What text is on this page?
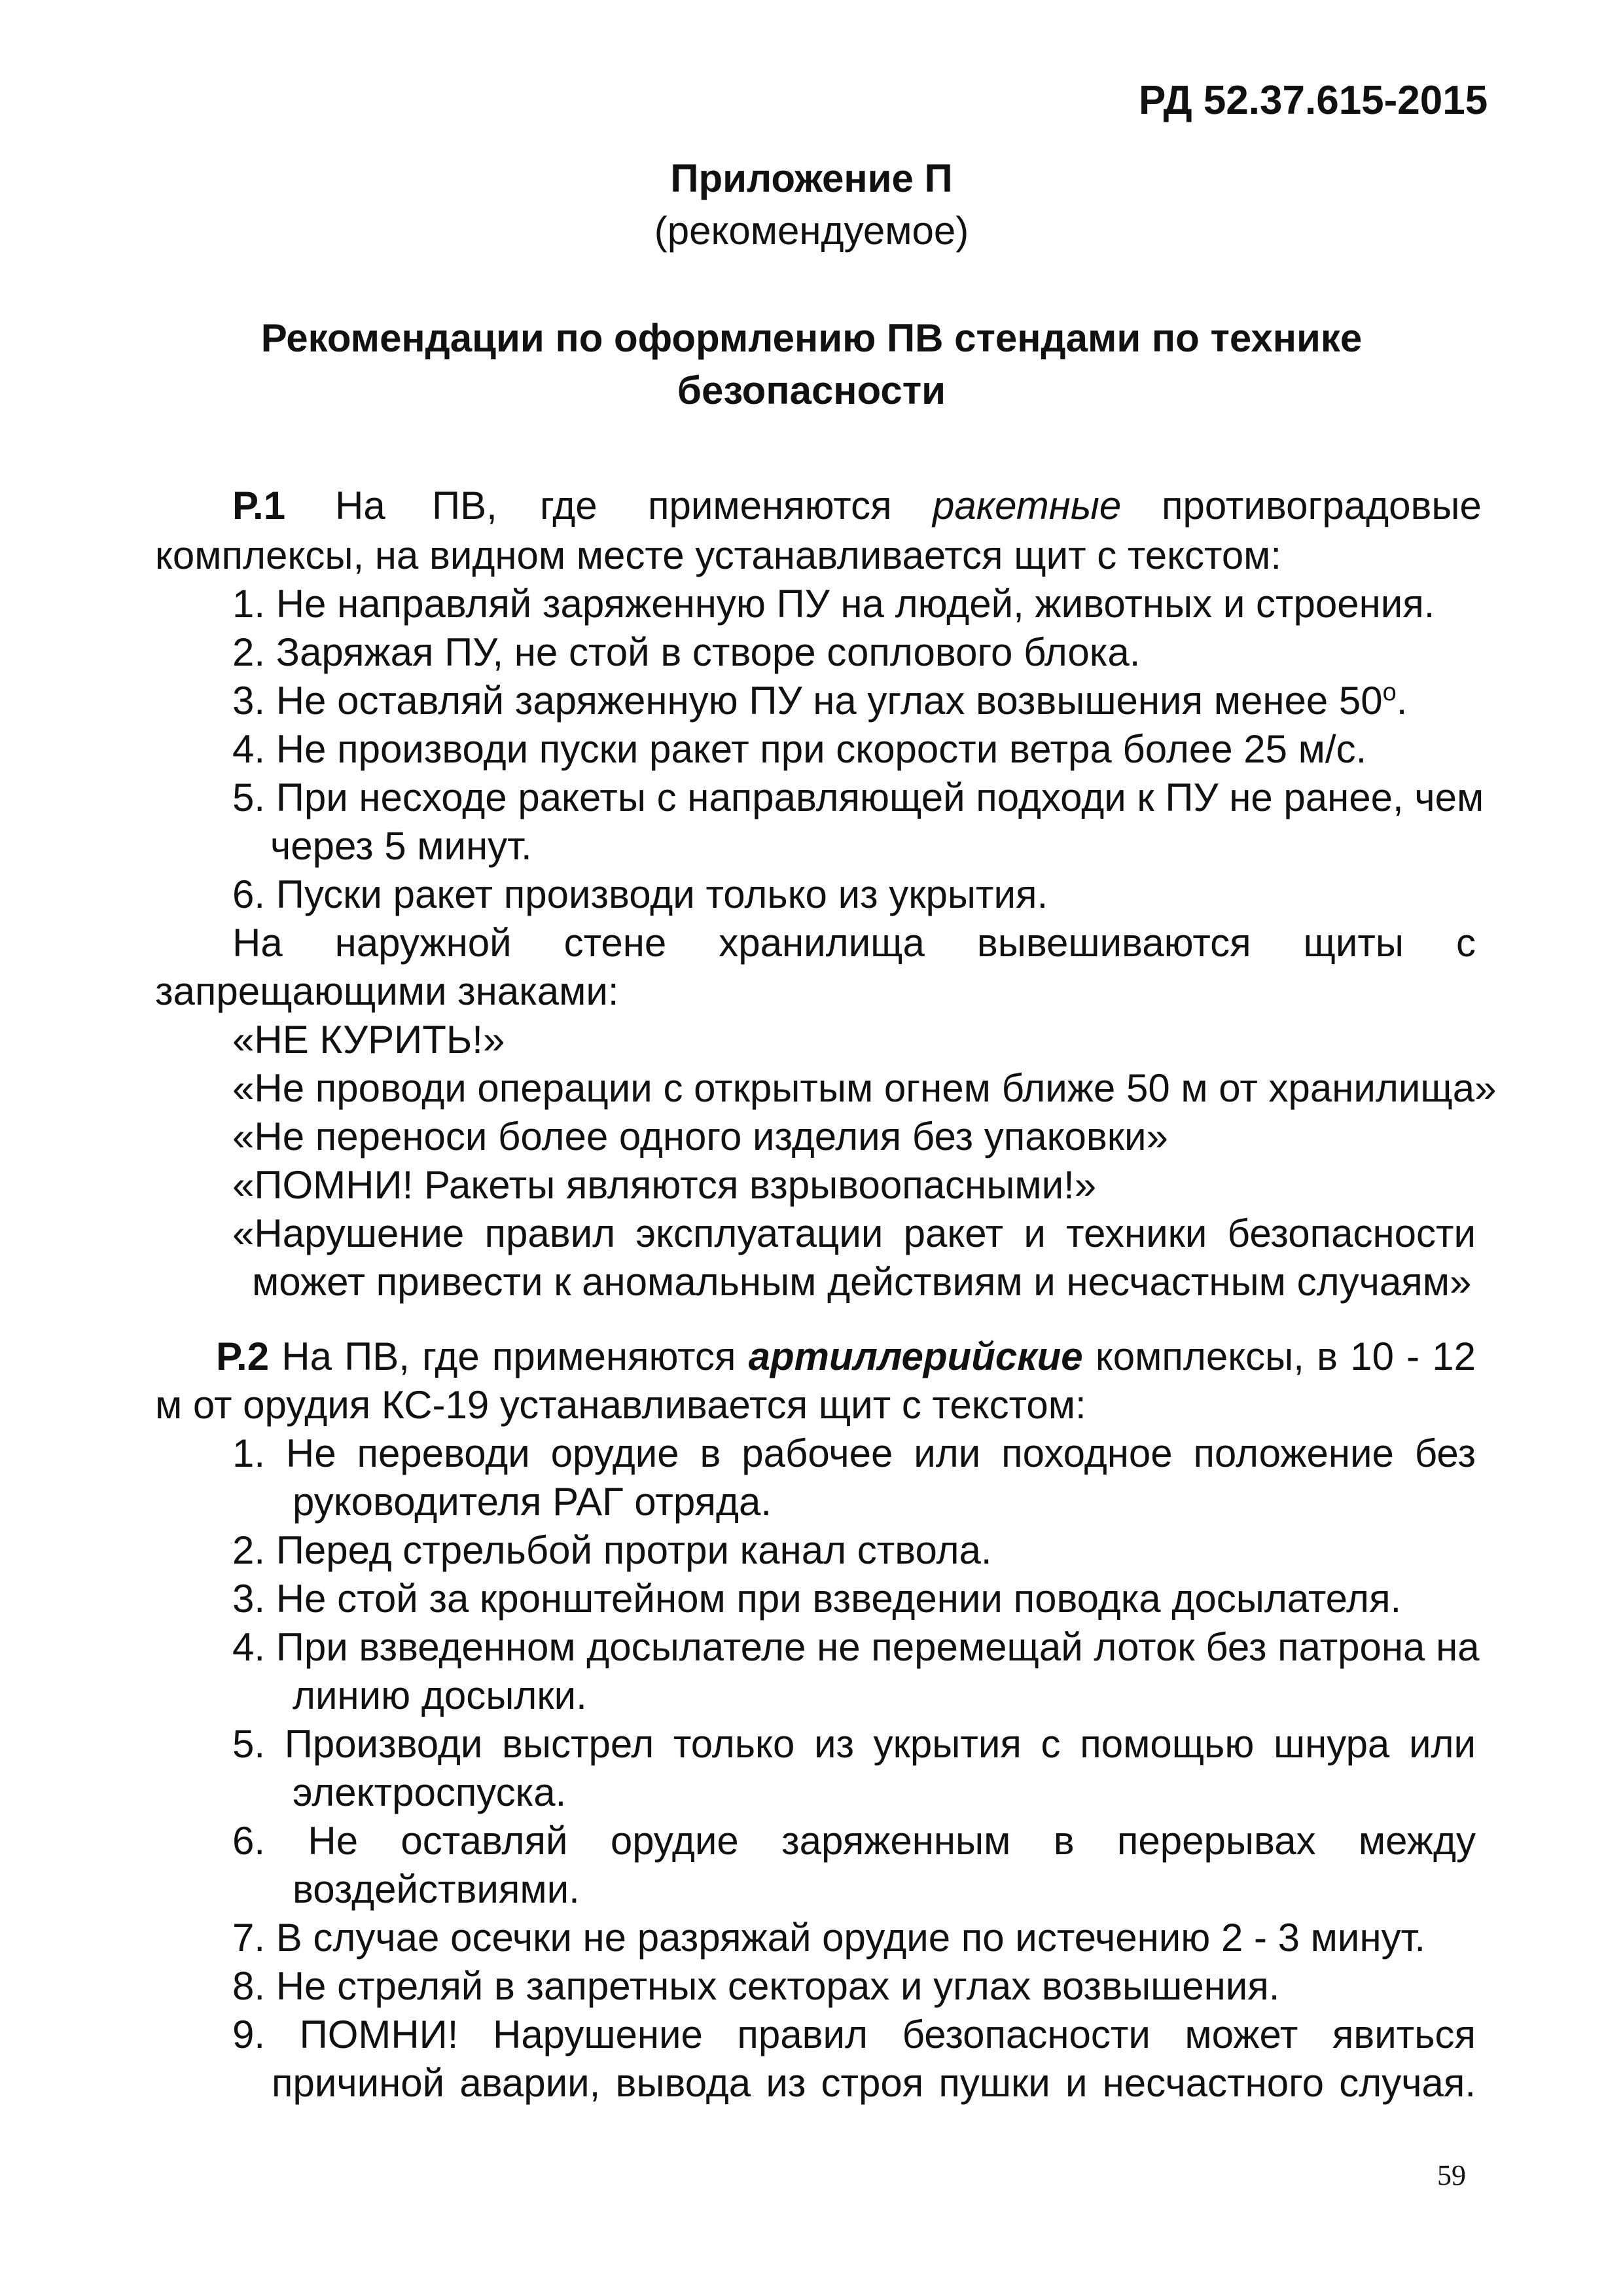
РД 52.37.615-2015
Приложение П
(рекомендуемое)
Рекомендации по оформлению ПВ стендами по технике
безопасности
Р.1 На ПВ, где применяются ракетные противоградовые
комплексы, на видном месте устанавливается щит с текстом:
1. Не направляй заряженную ПУ на людей, животных и строения.
2. Заряжая ПУ, не стой в створе соплового блока.
3. Не оставляй заряженную ПУ на углах возвышения менее 50$^o$.
4. Не производи пуски ракет при скорости ветра более 25 м/с.
5. При несходе ракеты с направляющей подходи к ПУ не ранее, чем
через 5 минут.
6. Пуски ракет производи только из укрытия.
На наружной стене хранилища вывешиваются щиты с
запрещающими знаками:
«НЕ КУРИТЬ!»
«Не проводи операции с открытым огнем ближе 50 м от хранилища»
«Не переноси более одного изделия без упаковки»
«ПОМНИ! Ракеты являются взрывоопасными!»
«Нарушение правил эксплуатации ракет и техники безопасности
может привести к аномальным действиям и несчастным случаям»
Р.2 На ПВ, где применяются артиллерийские комплексы, в 10 - 12
м от орудия КС-19 устанавливается щит с текстом:
1. Не переводи орудие в рабочее или походное положение без
руководителя РАГ отряда.
2. Перед стрельбой протри канал ствола.
3. Не стой за кронштейном при взведении поводка досылателя.
4. При взведенном досылателе не перемещай лоток без патрона на
линию досылки.
5. Производи выстрел только из укрытия с помощью шнура или
электроспуска.
6. Не оставляй орудие заряженным в перерывах между
воздействиями.
7. В случае осечки не разряжай орудие по истечению 2 - 3 минут.
8. Не стреляй в запретных секторах и углах возвышения.
9. ПОМНИ! Нарушение правил безопасности может явиться
причиной аварии, вывода из строя пушки и несчастного случая.
59
